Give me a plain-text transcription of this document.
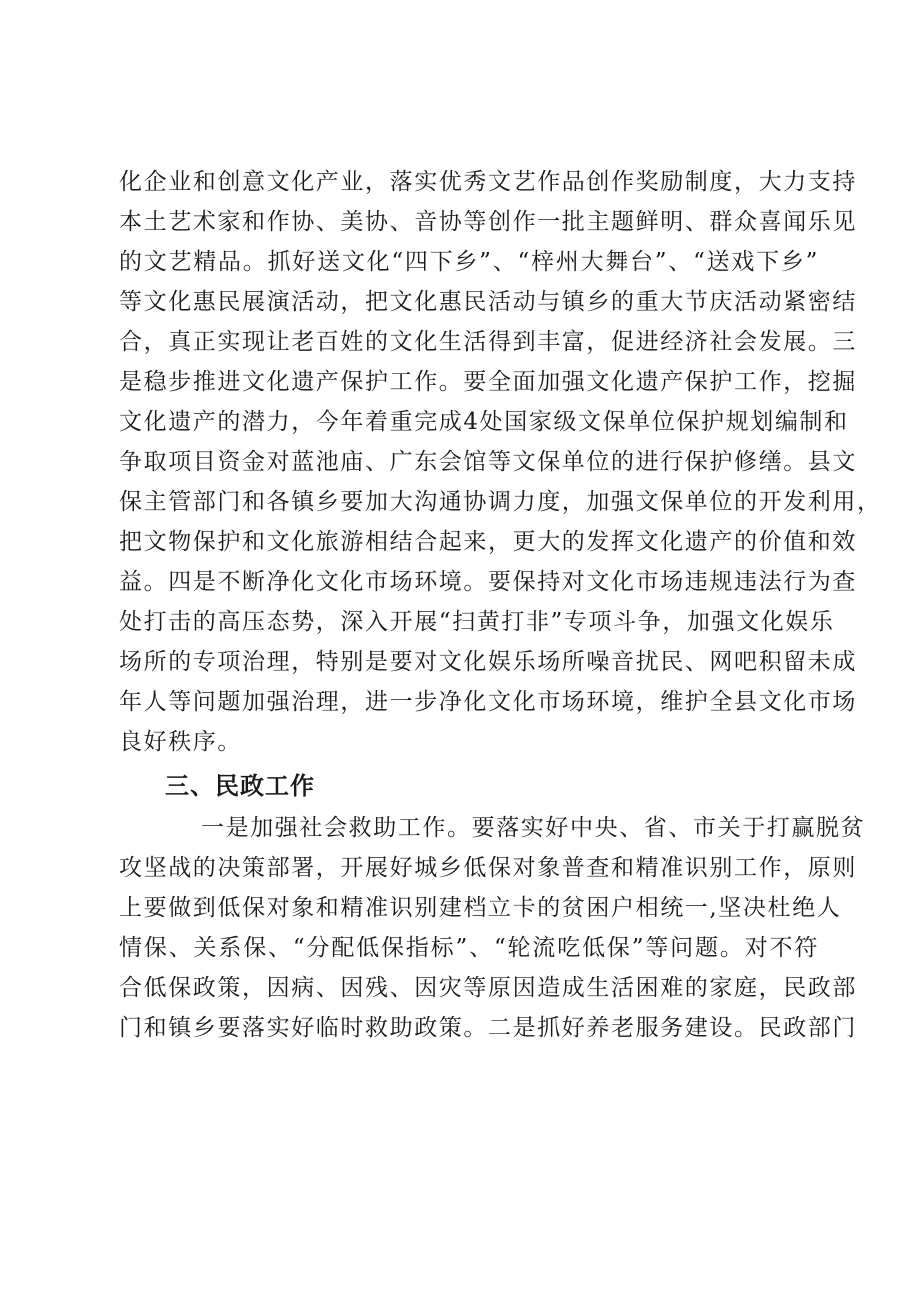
化企业和创意文化产业，落实优秀文艺作品创作奖励制度，大力支持
本土艺术家和作协、美协、音协等创作一批主题鲜明、群众喜闻乐见
的文艺精品。抓好送文化“四下乡”、“梓州大舞台”、“送戏下乡”
等文化惠民展演活动，把文化惠民活动与镇乡的重大节庆活动紧密结
合，真正实现让老百姓的文化生活得到丰富，促进经济社会发展。三
是稳步推进文化遗产保护工作。要全面加强文化遗产保护工作，挖掘
文化遗产的潜力，今年着重完成4处国家级文保单位保护规划编制和
争取项目资金对蓝池庙、广东会馆等文保单位的进行保护修缮。县文
保主管部门和各镇乡要加大沟通协调力度，加强文保单位的开发利用，
把文物保护和文化旅游相结合起来，更大的发挥文化遗产的价值和效
益。四是不断净化文化市场环境。要保持对文化市场违规违法行为查
处打击的高压态势，深入开展“扫黄打非”专项斗争，加强文化娱乐
场所的专项治理，特别是要对文化娱乐场所噪音扰民、网吧积留未成
年人等问题加强治理，进一步净化文化市场环境，维护全县文化市场
良好秩序。
三、民政工作
一是加强社会救助工作。要落实好中央、省、市关于打赢脱贫
攻坚战的决策部署，开展好城乡低保对象普查和精准识别工作，原则
上要做到低保对象和精准识别建档立卡的贫困户相统一,坚决杜绝人
情保、关系保、“分配低保指标”、“轮流吃低保”等问题。对不符
合低保政策，因病、因残、因灾等原因造成生活困难的家庭，民政部
门和镇乡要落实好临时救助政策。二是抓好养老服务建设。民政部门
